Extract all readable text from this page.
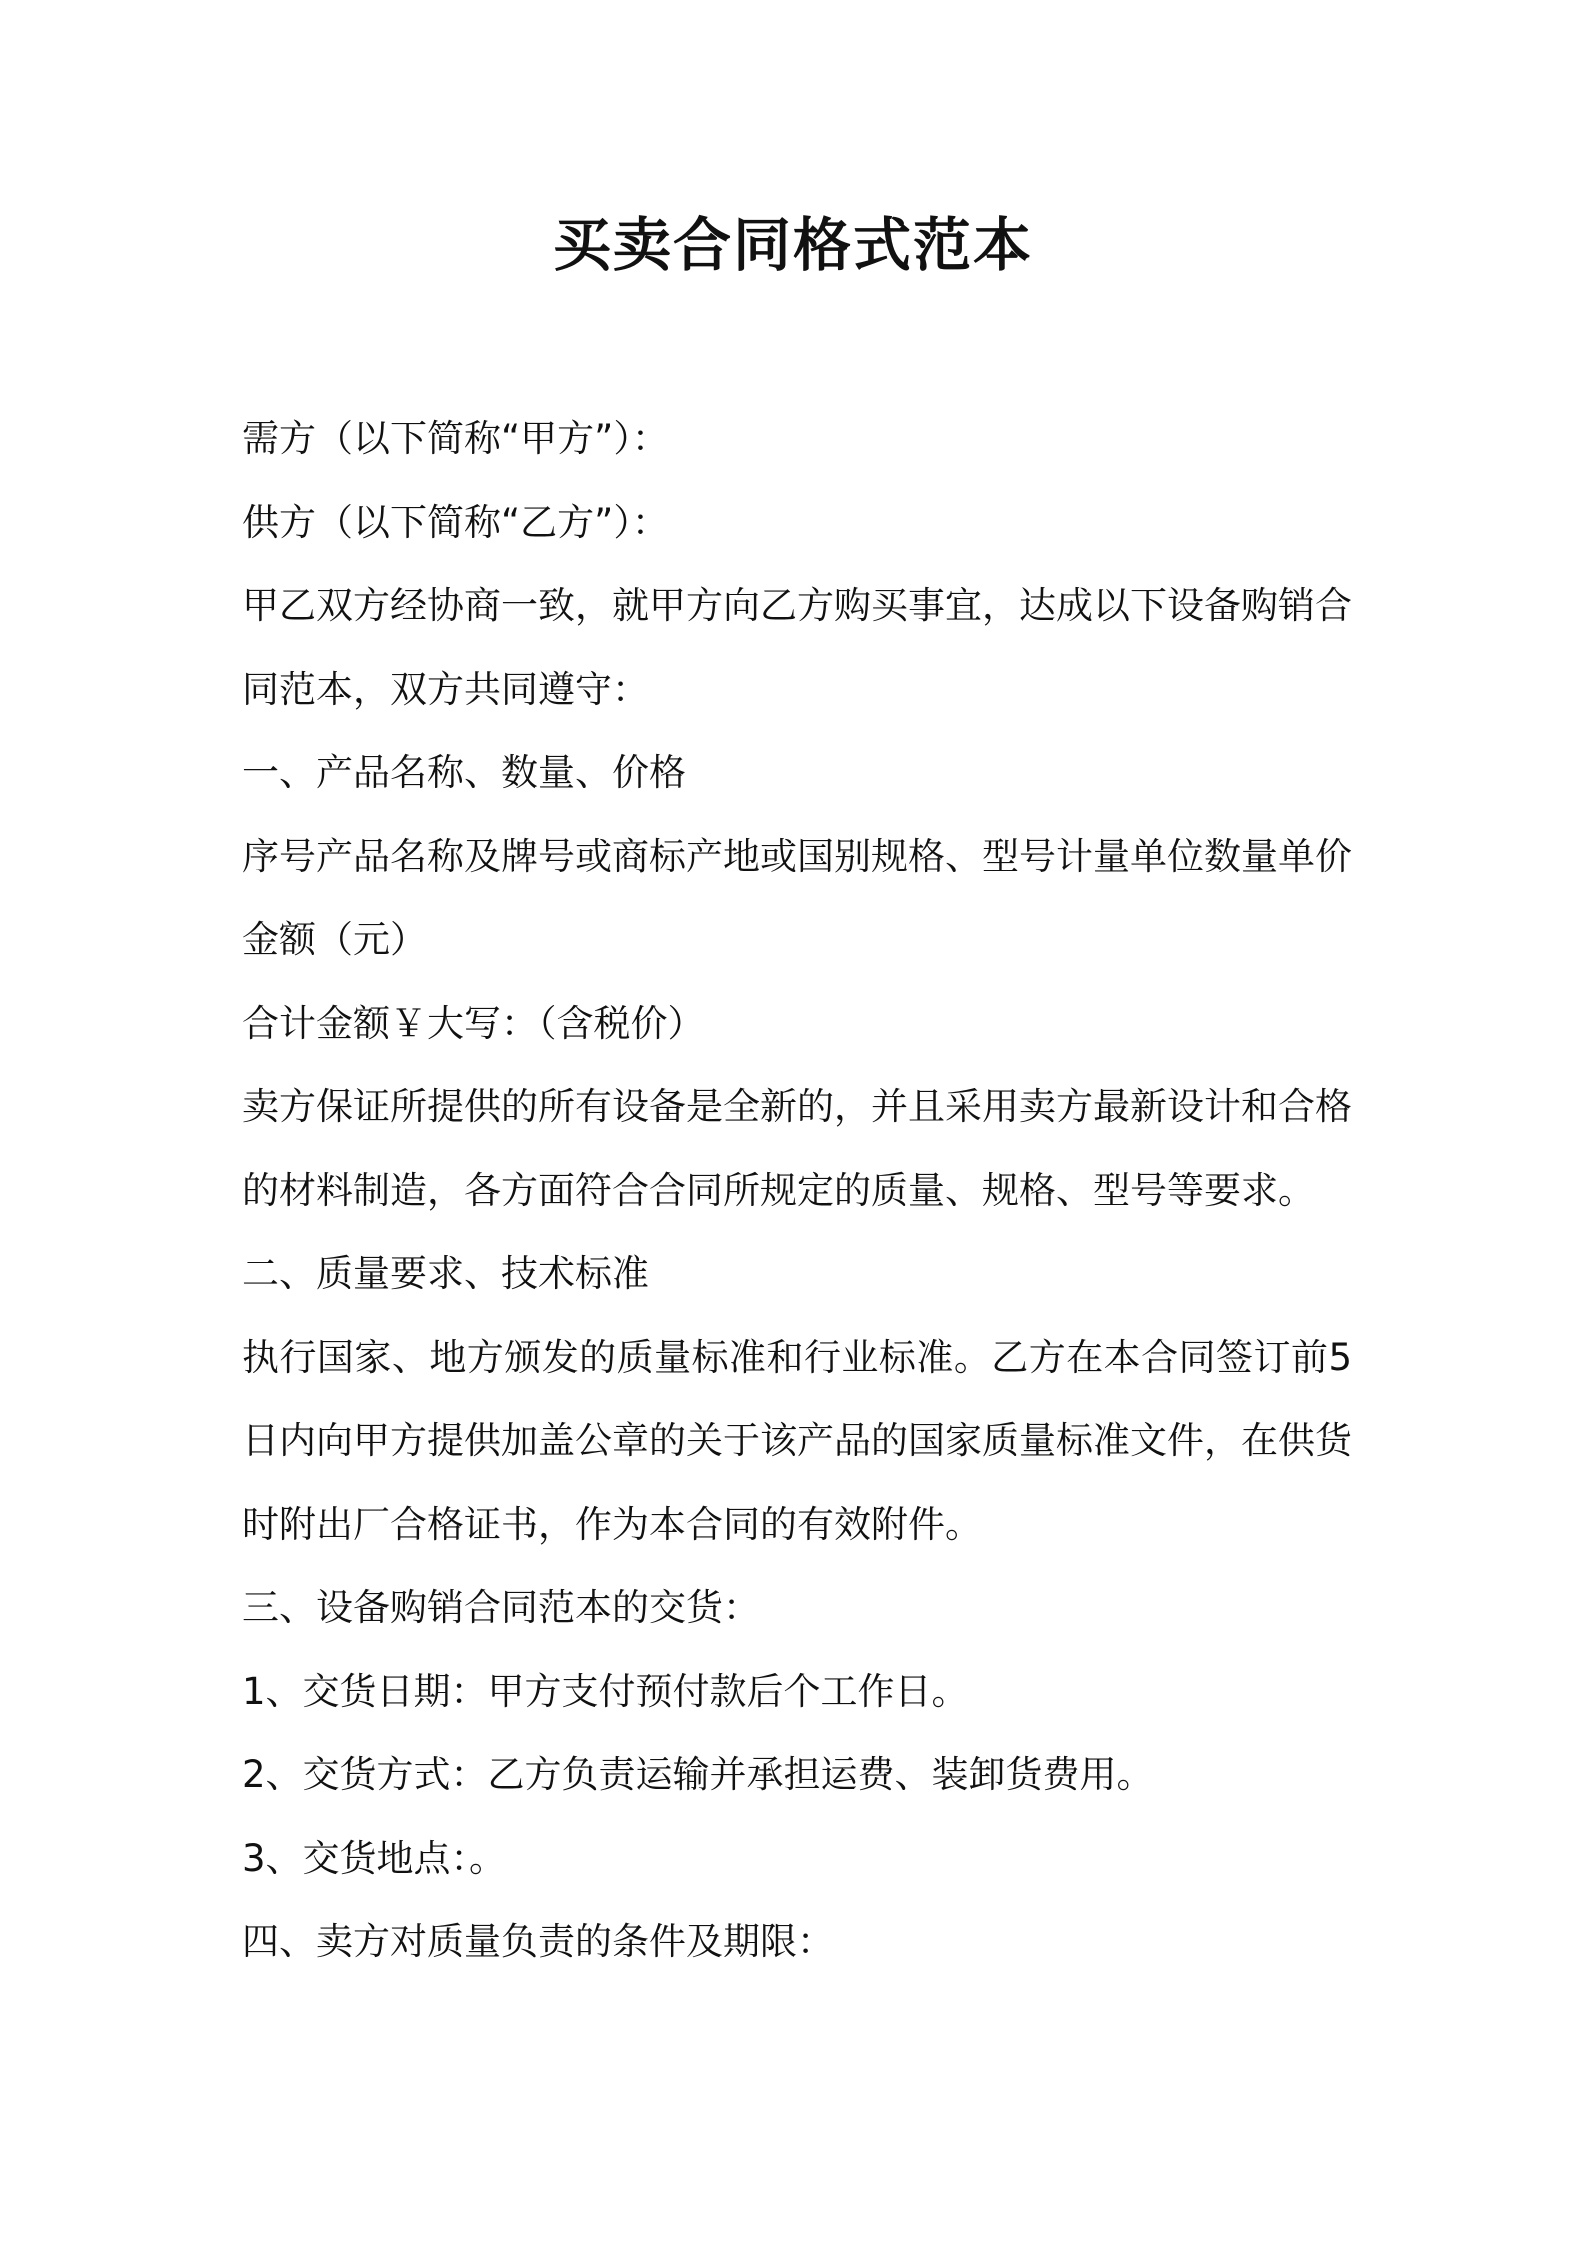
买卖合同格式范本

需方（以下简称“甲方”）：

供方（以下简称“乙方”）：

甲乙双方经协商一致，就甲方向乙方购买事宜，达成以下设备购销合同范本，双方共同遵守：

一、产品名称、数量、价格

序号产品名称及牌号或商标产地或国别规格、型号计量单位数量单价金额（元）

合计金额￥大写：（含税价）

卖方保证所提供的所有设备是全新的，并且采用卖方最新设计和合格的材料制造，各方面符合合同所规定的质量、规格、型号等要求。

二、质量要求、技术标准

执行国家、地方颁发的质量标准和行业标准。乙方在本合同签订前5日内向甲方提供加盖公章的关于该产品的国家质量标准文件，在供货时附出厂合格证书，作为本合同的有效附件。

三、设备购销合同范本的交货：

1、交货日期：甲方支付预付款后个工作日。

2、交货方式：乙方负责运输并承担运费、装卸货费用。

3、交货地点：。

四、卖方对质量负责的条件及期限：
